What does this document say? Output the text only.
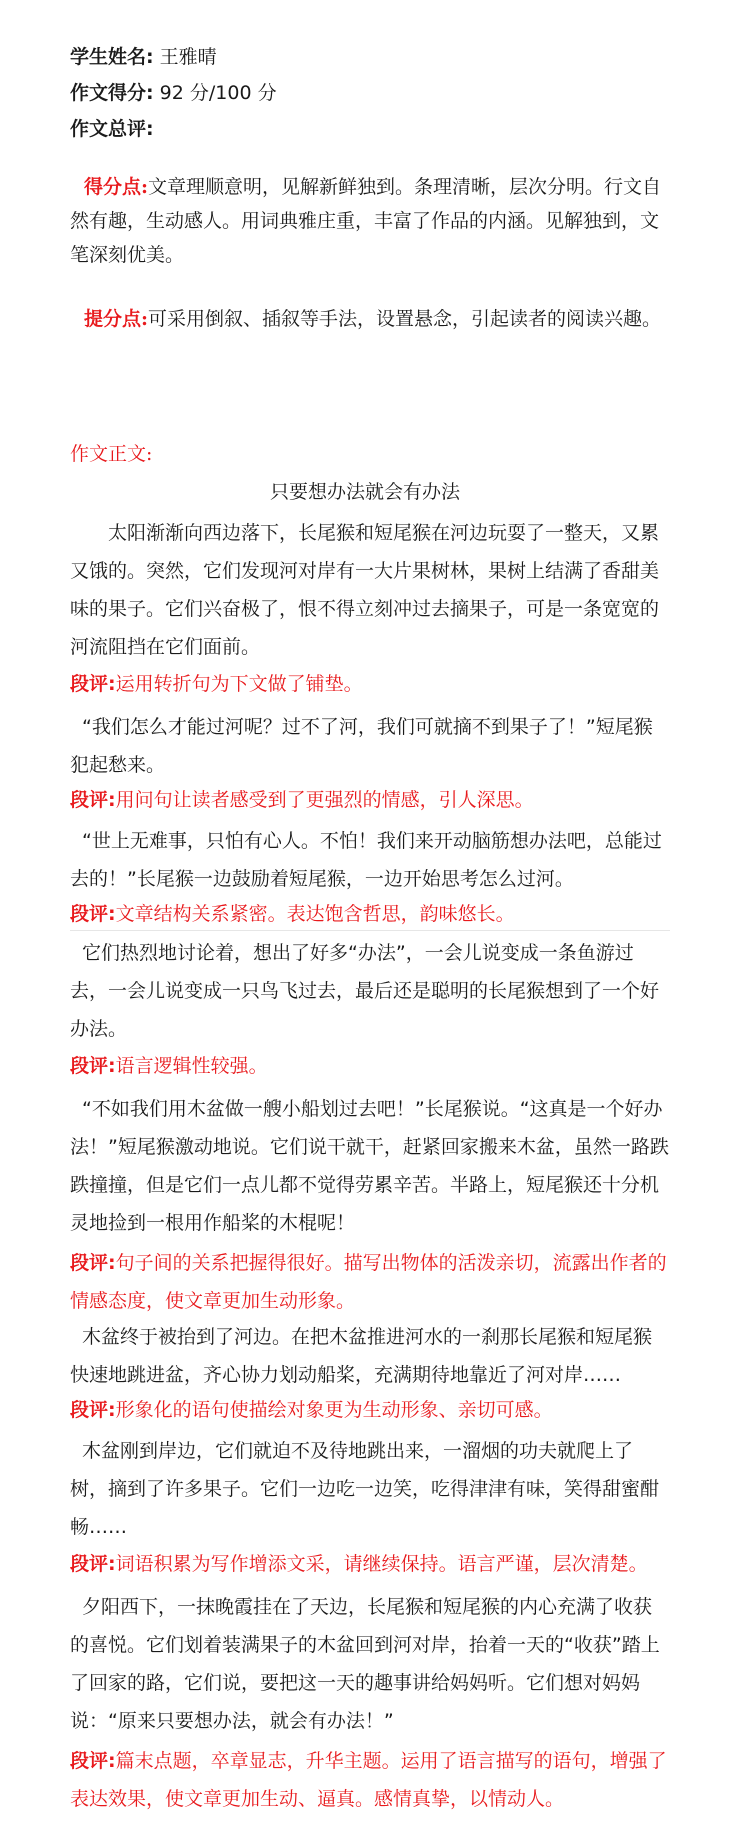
学生姓名: 王雅晴
作文得分: 92 分/100 分
作文总评:
得分点:文章理顺意明，见解新鲜独到。条理清晰，层次分明。行文自然有趣，生动感人。用词典雅庄重，丰富了作品的内涵。见解独到，文笔深刻优美。
提分点:可采用倒叙、插叙等手法，设置悬念，引起读者的阅读兴趣。
作文正文:
只要想办法就会有办法
太阳渐渐向西边落下，长尾猴和短尾猴在河边玩耍了一整天，又累又饿的。突然，它们发现河对岸有一大片果树林，果树上结满了香甜美味的果子。它们兴奋极了，恨不得立刻冲过去摘果子，可是一条宽宽的河流阻挡在它们面前。
段评:运用转折句为下文做了铺垫。
“我们怎么才能过河呢？过不了河，我们可就摘不到果子了！”短尾猴犯起愁来。
段评:用问句让读者感受到了更强烈的情感，引人深思。
“世上无难事，只怕有心人。不怕！我们来开动脑筋想办法吧，总能过去的！”长尾猴一边鼓励着短尾猴，一边开始思考怎么过河。
段评:文章结构关系紧密。表达饱含哲思，韵味悠长。
它们热烈地讨论着，想出了好多“办法”，一会儿说变成一条鱼游过去，一会儿说变成一只鸟飞过去，最后还是聪明的长尾猴想到了一个好办法。
段评:语言逻辑性较强。
“不如我们用木盆做一艘小船划过去吧！”长尾猴说。“这真是一个好办法！”短尾猴激动地说。它们说干就干，赶紧回家搬来木盆，虽然一路跌跌撞撞，但是它们一点儿都不觉得劳累辛苦。半路上，短尾猴还十分机灵地捡到一根用作船桨的木棍呢！
段评:句子间的关系把握得很好。描写出物体的活泼亲切，流露出作者的情感态度，使文章更加生动形象。
木盆终于被抬到了河边。在把木盆推进河水的一刹那长尾猴和短尾猴快速地跳进盆，齐心协力划动船桨，充满期待地靠近了河对岸……
段评:形象化的语句使描绘对象更为生动形象、亲切可感。
木盆刚到岸边，它们就迫不及待地跳出来，一溜烟的功夫就爬上了树，摘到了许多果子。它们一边吃一边笑，吃得津津有味，笑得甜蜜酣畅……
段评:词语积累为写作增添文采，请继续保持。语言严谨，层次清楚。
夕阳西下，一抹晚霞挂在了天边，长尾猴和短尾猴的内心充满了收获的喜悦。它们划着装满果子的木盆回到河对岸，抬着一天的“收获”踏上了回家的路，它们说，要把这一天的趣事讲给妈妈听。它们想对妈妈说：“原来只要想办法，就会有办法！”
段评:篇末点题，卒章显志，升华主题。运用了语言描写的语句，增强了表达效果，使文章更加生动、逼真。感情真挚，以情动人。
